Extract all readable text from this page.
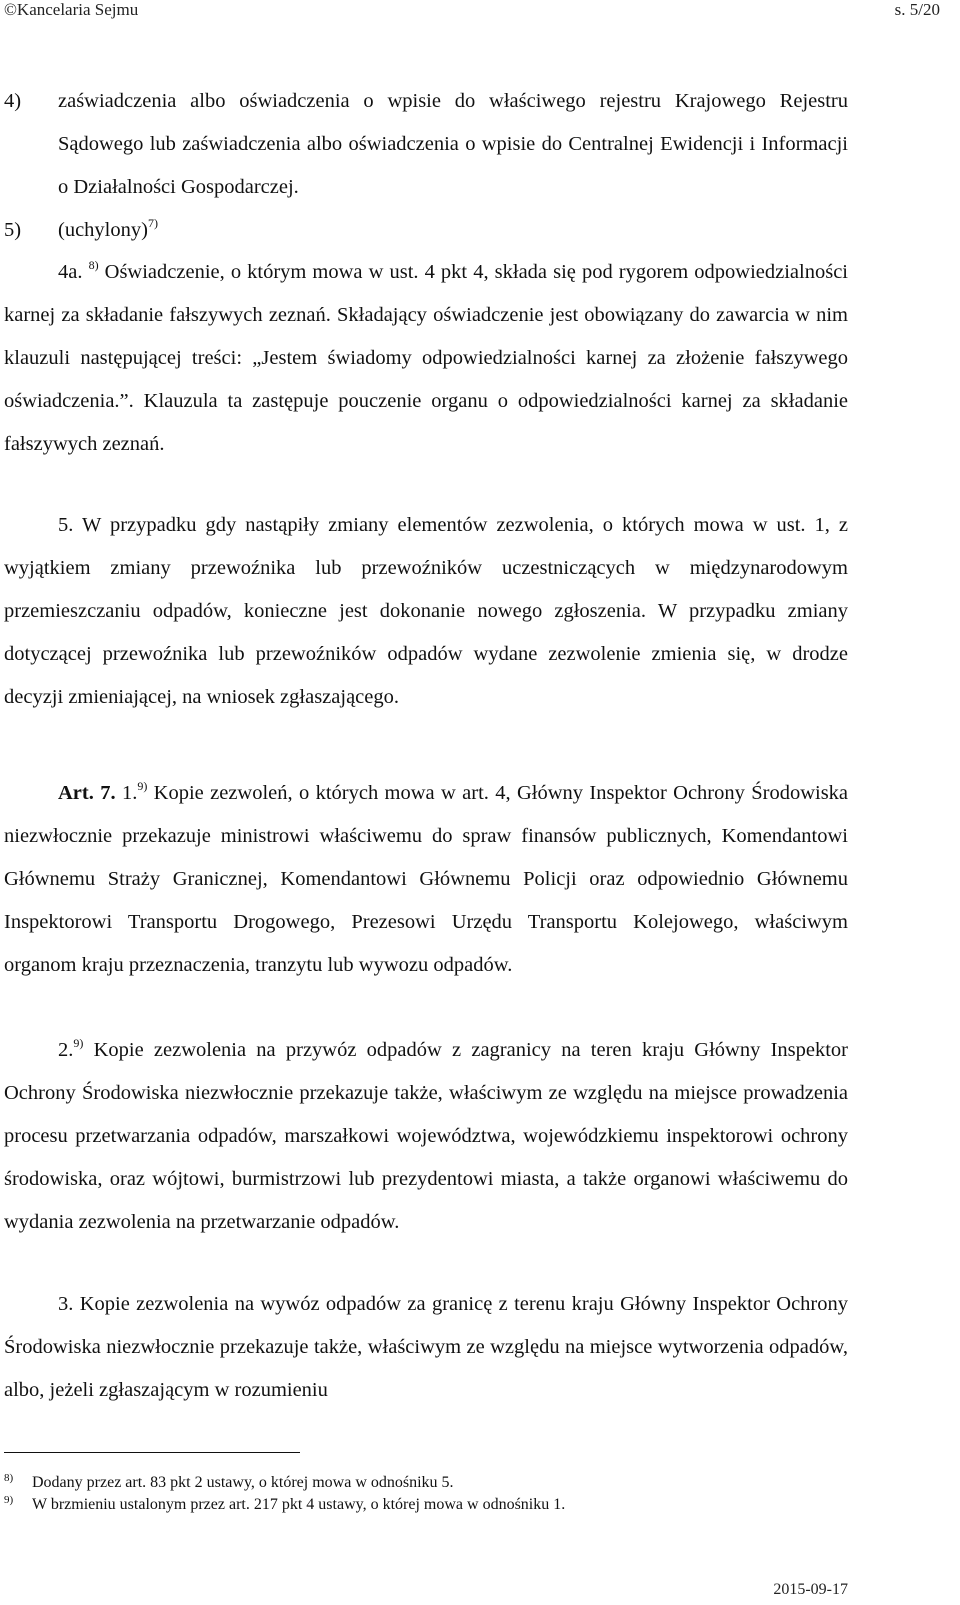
©Kancelaria Sejmu	s. 5/20
4)	zaświadczenia albo oświadczenia o wpisie do właściwego rejestru Krajowego Rejestru Sądowego lub zaświadczenia albo oświadczenia o wpisie do Centralnej Ewidencji i Informacji o Działalności Gospodarczej.

5)	(uchylony)$^{7)}$

4a. $^{8)}$ Oświadczenie, o którym mowa w ust. 4 pkt 4, składa się pod rygorem odpowiedzialności karnej za składanie fałszywych zeznań. Składający oświadczenie jest obowiązany do zawarcia w nim klauzuli następującej treści: „Jestem świadomy odpowiedzialności karnej za złożenie fałszywego oświadczenia.”. Klauzula ta zastępuje pouczenie organu o odpowiedzialności karnej za składanie fałszywych zeznań.

5. W przypadku gdy nastąpiły zmiany elementów zezwolenia, o których mowa w ust. 1, z wyjątkiem zmiany przewoźnika lub przewoźników uczestniczących w międzynarodowym przemieszczaniu odpadów, konieczne jest dokonanie nowego zgłoszenia. W przypadku zmiany dotyczącej przewoźnika lub przewoźników odpadów wydane zezwolenie zmienia się, w drodze decyzji zmieniającej, na wniosek zgłaszającego.

Art. 7. 1.$^{9)}$ Kopie zezwoleń, o których mowa w art. 4, Główny Inspektor Ochrony Środowiska niezwłocznie przekazuje ministrowi właściwemu do spraw finansów publicznych, Komendantowi Głównemu Straży Granicznej, Komendantowi Głównemu Policji oraz odpowiednio Głównemu Inspektorowi Transportu Drogowego, Prezesowi Urzędu Transportu Kolejowego, właściwym organom kraju przeznaczenia, tranzytu lub wywozu odpadów.

2.$^{9)}$ Kopie zezwolenia na przywóz odpadów z zagranicy na teren kraju Główny Inspektor Ochrony Środowiska niezwłocznie przekazuje także, właściwym ze względu na miejsce prowadzenia procesu przetwarzania odpadów, marszałkowi województwa, wojewódzkiemu inspektorowi ochrony środowiska, oraz wójtowi, burmistrzowi lub prezydentowi miasta, a także organowi właściwemu do wydania zezwolenia na przetwarzanie odpadów.

3. Kopie zezwolenia na wywóz odpadów za granicę z terenu kraju Główny Inspektor Ochrony Środowiska niezwłocznie przekazuje także, właściwym ze względu na miejsce wytworzenia odpadów, albo, jeżeli zgłaszającym w rozumieniu

8) Dodany przez art. 83 pkt 2 ustawy, o której mowa w odnośniku 5.
9) W brzmieniu ustalonym przez art. 217 pkt 4 ustawy, o której mowa w odnośniku 1.
2015-09-17
